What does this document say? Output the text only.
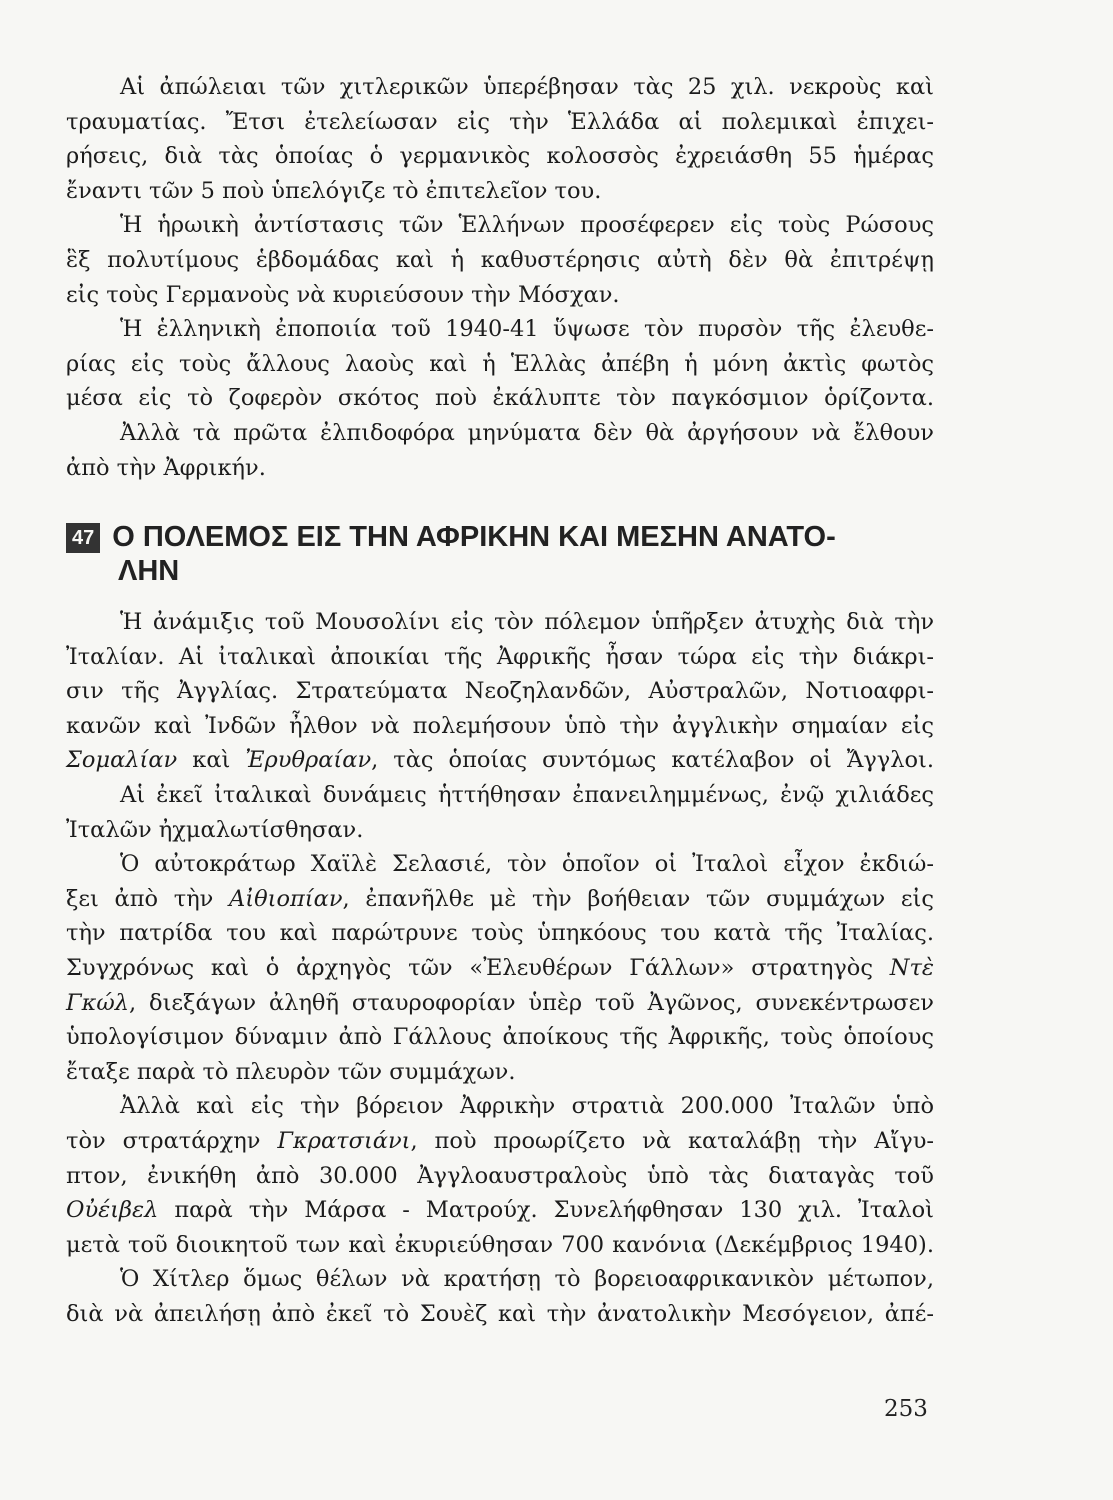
Αἱ ἀπώλειαι τῶν χιτλερικῶν ὑπερέβησαν τὰς 25 χιλ. νεκροὺς καὶ
τραυματίας. Ἔτσι ἐτελείωσαν εἰς τὴν Ἑλλάδα αἱ πολεμικαὶ ἐπιχει-
ρήσεις, διὰ τὰς ὁποίας ὁ γερμανικὸς κολοσσὸς ἐχρειάσθη 55 ἡμέρας
ἔναντι τῶν 5 ποὺ ὑπελόγιζε τὸ ἐπιτελεῖον του.

Ἡ ἡρωικὴ ἀντίστασις τῶν Ἑλλήνων προσέφερεν εἰς τοὺς Ρώσους
ἓξ πολυτίμους ἑβδομάδας καὶ ἡ καθυστέρησις αὐτὴ δὲν θὰ ἐπιτρέψῃ
εἰς τοὺς Γερμανοὺς νὰ κυριεύσουν τὴν Μόσχαν.

Ἡ ἑλληνικὴ ἐποποιία τοῦ 1940-41 ὕψωσε τὸν πυρσὸν τῆς ἐλευθε-
ρίας εἰς τοὺς ἄλλους λαοὺς καὶ ἡ Ἑλλὰς ἀπέβη ἡ μόνη ἀκτὶς φωτὸς
μέσα εἰς τὸ ζοφερὸν σκότος ποὺ ἐκάλυπτε τὸν παγκόσμιον ὁρίζοντα.

Ἀλλὰ τὰ πρῶτα ἐλπιδοφόρα μηνύματα δὲν θὰ ἀργήσουν νὰ ἔλθουν
ἀπὸ τὴν Ἀφρικήν.

47 Ο ΠΟΛΕΜΟΣ ΕΙΣ ΤΗΝ ΑΦΡΙΚΗΝ ΚΑΙ ΜΕΣΗΝ ΑΝΑΤΟ-
ΛΗΝ

Ἡ ἀνάμιξις τοῦ Μουσολίνι εἰς τὸν πόλεμον ὑπῆρξεν ἀτυχὴς διὰ τὴν
Ἰταλίαν. Αἱ ἰταλικαὶ ἀποικίαι τῆς Ἀφρικῆς ἦσαν τώρα εἰς τὴν διάκρι-
σιν τῆς Ἀγγλίας. Στρατεύματα Νεοζηλανδῶν, Αὐστραλῶν, Νοτιοαφρι-
κανῶν καὶ Ἰνδῶν ἦλθον νὰ πολεμήσουν ὑπὸ τὴν ἀγγλικὴν σημαίαν εἰς
Σομαλίαν καὶ Ἐρυθραίαν, τὰς ὁποίας συντόμως κατέλαβον οἱ Ἄγγλοι.

Αἱ ἐκεῖ ἰταλικαὶ δυνάμεις ἡττήθησαν ἐπανειλημμένως, ἐνῷ χιλιάδες
Ἰταλῶν ἠχμαλωτίσθησαν.

Ὁ αὐτοκράτωρ Χαϊλὲ Σελασιέ, τὸν ὁποῖον οἱ Ἰταλοὶ εἶχον ἐκδιώ-
ξει ἀπὸ τὴν Αἰθιοπίαν, ἐπανῆλθε μὲ τὴν βοήθειαν τῶν συμμάχων εἰς
τὴν πατρίδα του καὶ παρώτρυνε τοὺς ὑπηκόους του κατὰ τῆς Ἰταλίας.
Συγχρόνως καὶ ὁ ἀρχηγὸς τῶν «Ἐλευθέρων Γάλλων» στρατηγὸς Ντὲ
Γκώλ, διεξάγων ἀληθῆ σταυροφορίαν ὑπὲρ τοῦ Ἀγῶνος, συνεκέντρωσεν
ὑπολογίσιμον δύναμιν ἀπὸ Γάλλους ἀποίκους τῆς Ἀφρικῆς, τοὺς ὁποίους
ἔταξε παρὰ τὸ πλευρὸν τῶν συμμάχων.

Ἀλλὰ καὶ εἰς τὴν βόρειον Ἀφρικὴν στρατιὰ 200.000 Ἰταλῶν ὑπὸ
τὸν στρατάρχην Γκρατσιάνι, ποὺ προωρίζετο νὰ καταλάβῃ τὴν Αἴγυ-
πτον, ἐνικήθη ἀπὸ 30.000 Ἀγγλοαυστραλοὺς ὑπὸ τὰς διαταγὰς τοῦ
Οὐέιβελ παρὰ τὴν Μάρσα - Ματρούχ. Συνελήφθησαν 130 χιλ. Ἰταλοὶ
μετὰ τοῦ διοικητοῦ των καὶ ἐκυριεύθησαν 700 κανόνια (Δεκέμβριος 1940).

Ὁ Χίτλερ ὅμως θέλων νὰ κρατήσῃ τὸ βορειοαφρικανικὸν μέτωπον,
διὰ νὰ ἀπειλήσῃ ἀπὸ ἐκεῖ τὸ Σουὲζ καὶ τὴν ἀνατολικὴν Μεσόγειον, ἀπέ-

253
